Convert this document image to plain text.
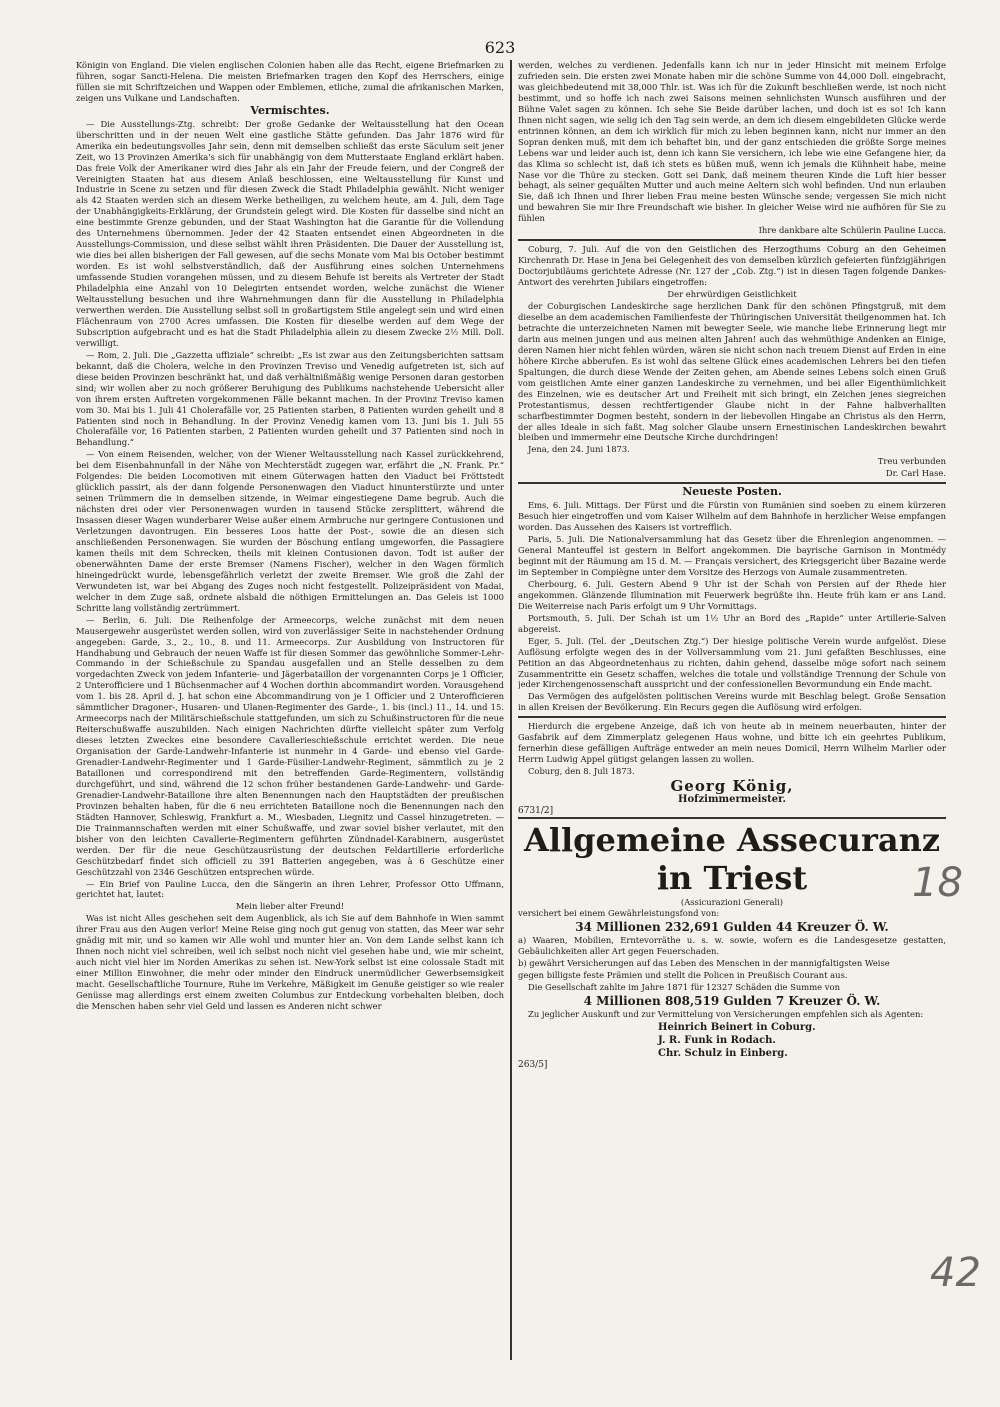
623

Königin von England. Die vielen englischen Colonien haben alle das Recht, eigene Briefmarken zu führen, sogar Sancti-Helena. Die meisten Briefmarken tragen den Kopf des Herrschers, einige füllen sie mit Schriftzeichen und Wappen oder Emblemen, etliche, zumal die afrikanischen Marken, zeigen uns Vulkane und Landschaften.

Vermischtes.

— Die Ausstellungs-Ztg. schreibt: Der große Gedanke der Weltausstellung hat den Ocean überschritten und in der neuen Welt eine gastliche Stätte gefunden. Das Jahr 1876 wird für Amerika ein bedeutungsvolles Jahr sein, denn mit demselben schließt das erste Säculum seit jener Zeit, wo 13 Provinzen Amerika's sich für unabhängig von dem Mutterstaate England erklärt haben. Das freie Volk der Amerikaner wird dies Jahr als ein Jahr der Freude feiern, und der Congreß der Vereinigten Staaten hat aus diesem Anlaß beschlossen, eine Weltausstellung für Kunst und Industrie in Scene zu setzen und für diesen Zweck die Stadt Philadelphia gewählt. Nicht weniger als 42 Staaten werden sich an diesem Werke betheiligen, zu welchem heute, am 4. Juli, dem Tage der Unabhängigkeits-Erklärung, der Grundstein gelegt wird. Die Kosten für dasselbe sind nicht an eine bestimmte Grenze gebunden, und der Staat Washington hat die Garantie für die Vollendung des Unternehmens übernommen. Jeder der 42 Staaten entsendet einen Abgeordneten in die Ausstellungs-Commission, und diese selbst wählt ihren Präsidenten. Die Dauer der Ausstellung ist, wie dies bei allen bisherigen der Fall gewesen, auf die sechs Monate vom Mai bis October bestimmt worden. Es ist wohl selbstverständlich, daß der Ausführung eines solchen Unternehmens umfassende Studien vorangehen müssen, und zu diesem Behufe ist bereits als Vertreter der Stadt Philadelphia eine Anzahl von 10 Delegirten entsendet worden, welche zunächst die Wiener Weltausstellung besuchen und ihre Wahrnehmungen dann für die Ausstellung in Philadelphia verwerthen werden. Die Ausstellung selbst soll in großartigstem Stile angelegt sein und wird einen Flächenraum von 2700 Acres umfassen. Die Kosten für dieselbe werden auf dem Wege der Subscription aufgebracht und es hat die Stadt Philadelphia allein zu diesem Zwecke 2½ Mill. Doll. verwilligt.

— Rom, 2. Juli. Die „Gazzetta uffiziale“ schreibt: „Es ist zwar aus den Zeitungsberichten sattsam bekannt, daß die Cholera, welche in den Provinzen Treviso und Venedig aufgetreten ist, sich auf diese beiden Provinzen beschränkt hat, und daß verhältnißmäßig wenige Personen daran gestorben sind; wir wollen aber zu noch größerer Beruhigung des Publikums nachstehende Uebersicht aller von ihrem ersten Auftreten vorgekommenen Fälle bekannt machen. In der Provinz Treviso kamen vom 30. Mai bis 1. Juli 41 Cholerafälle vor, 25 Patienten starben, 8 Patienten wurden geheilt und 8 Patienten sind noch in Behandlung. In der Provinz Venedig kamen vom 13. Juni bis 1. Juli 55 Cholerafälle vor, 16 Patienten starben, 2 Patienten wurden geheilt und 37 Patienten sind noch in Behandlung.“

— Von einem Reisenden, welcher, von der Wiener Weltausstellung nach Kassel zurückkehrend, bei dem Eisenbahnunfall in der Nähe von Mechterstädt zugegen war, erfährt die „N. Frank. Pr.“ Folgendes: Die beiden Locomotiven mit einem Güterwagen hatten den Viaduct bei Fröttstedt glücklich passirt, als der dann folgende Personenwagen den Viaduct hinunterstürzte und unter seinen Trümmern die in demselben sitzende, in Weimar eingestiegene Dame begrub. Auch die nächsten drei oder vier Personenwagen wurden in tausend Stücke zersplittert, während die Insassen dieser Wagen wunderbarer Weise außer einem Armbruche nur geringere Contusionen und Verletzungen davontrugen. Ein besseres Loos hatte der Post-, sowie die an diesen sich anschließenden Personenwagen. Sie wurden der Böschung entlang umgeworfen, die Passagiere kamen theils mit dem Schrecken, theils mit kleinen Contusionen davon. Todt ist außer der obenerwähnten Dame der erste Bremser (Namens Fischer), welcher in den Wagen förmlich hineingedrückt wurde, lebensgefährlich verletzt der zweite Bremser. Wie groß die Zahl der Verwundeten ist, war bei Abgang des Zuges noch nicht festgestellt. Polizeipräsident von Madai, welcher in dem Zuge saß, ordnete alsbald die nöthigen Ermittelungen an. Das Geleis ist 1000 Schritte lang vollständig zertrümmert.

— Berlin, 6. Juli. Die Reihenfolge der Armeecorps, welche zunächst mit dem neuen Mausergewehr ausgerüstet werden sollen, wird von zuverlässiger Seite in nachstehender Ordnung angegeben: Garde, 3., 2., 10., 8. und 11. Armeecorps. Zur Ausbildung von Instructoren für Handhabung und Gebrauch der neuen Waffe ist für diesen Sommer das gewöhnliche Sommer-Lehr-Commando in der Schießschule zu Spandau ausgefallen und an Stelle desselben zu dem vorgedachten Zweck von jedem Infanterie- und Jägerbataillon der vorgenannten Corps je 1 Officier, 2 Unterofficiere und 1 Büchsenmacher auf 4 Wochen dorthin abcommandirt worden. Vorausgehend vom 1. bis 28. April d. J. hat schon eine Abcommandirung von je 1 Officier und 2 Unterofficieren sämmtlicher Dragoner-, Husaren- und Ulanen-Regimenter des Garde-, 1. bis (incl.) 11., 14. und 15. Armeecorps nach der Militärschießschule stattgefunden, um sich zu Schußinstructoren für die neue Reiterschußwaffe auszubilden. Nach einigen Nachrichten dürfte vielleicht später zum Verfolg dieses letzten Zweckes eine besondere Cavallerieschießschule errichtet werden. Die neue Organisation der Garde-Landwehr-Infanterie ist nunmehr in 4 Garde- und ebenso viel Garde-Grenadier-Landwehr-Regimenter und 1 Garde-Füsilier-Landwehr-Regiment, sämmtlich zu je 2 Bataillonen und correspondirend mit den betreffenden Garde-Regimentern, vollständig durchgeführt, und sind, während die 12 schon früher bestandenen Garde-Landwehr- und Garde-Grenadier-Landwehr-Bataillone ihre alten Benennungen nach den Hauptstädten der preußischen Provinzen behalten haben, für die 6 neu errichteten Bataillone noch die Benennungen nach den Städten Hannover, Schleswig, Frankfurt a. M., Wiesbaden, Liegnitz und Cassel hinzugetreten. — Die Trainmannschaften werden mit einer Schußwaffe, und zwar soviel bisher verlautet, mit den bisher von den leichten Cavallerie-Regimentern geführten Zündnadel-Karabinern, ausgerüstet werden. Der für die neue Geschützausrüstung der deutschen Feldartillerie erforderliche Geschützbedarf findet sich officiell zu 391 Batterien angegeben, was à 6 Geschütze einer Geschützzahl von 2346 Geschützen entsprechen würde.

— Ein Brief von Pauline Lucca, den die Sängerin an ihren Lehrer, Professor Otto Uffmann, gerichtet hat, lautet:

Mein lieber alter Freund!

Was ist nicht Alles geschehen seit dem Augenblick, als ich Sie auf dem Bahnhofe in Wien sammt ihrer Frau aus den Augen verlor! Meine Reise ging noch gut genug von statten, das Meer war sehr gnädig mit mir, und so kamen wir Alle wohl und munter hier an. Von dem Lande selbst kann ich Ihnen noch nicht viel schreiben, weil ich selbst noch nicht viel gesehen habe und, wie mir scheint, auch nicht viel hier im Norden Amerikas zu sehen ist. New-York selbst ist eine colossale Stadt mit einer Million Einwohner, die mehr oder minder den Eindruck unermüdlicher Gewerbsemsigkeit macht. Gesellschaftliche Tournure, Ruhe im Verkehre, Mäßigkeit im Genuße geistiger so wie realer Genüsse mag allerdings erst einem zweiten Columbus zur Entdeckung vorbehalten bleiben, doch die Menschen haben sehr viel Geld und lassen es Anderen nicht schwer

werden, welches zu verdienen. Jedenfalls kann ich nur in jeder Hinsicht mit meinem Erfolge zufrieden sein. Die ersten zwei Monate haben mir die schöne Summe von 44,000 Doll. eingebracht, was gleichbedeutend mit 38,000 Thlr. ist. Was ich für die Zukunft beschließen werde, ist noch nicht bestimmt, und so hoffe ich nach zwei Saisons meinen sehnlichsten Wunsch ausführen und der Bühne Valet sagen zu können. Ich sehe Sie Beide darüber lachen, und doch ist es so! Ich kann Ihnen nicht sagen, wie selig ich den Tag sein werde, an dem ich diesem eingebildeten Glücke werde entrinnen können, an dem ich wirklich für mich zu leben beginnen kann, nicht nur immer an den Sopran denken muß, mit dem ich behaftet bin, und der ganz entschieden die größte Sorge meines Lebens war und leider auch ist, denn ich kann Sie versichern, ich lebe wie eine Gefangene hier, da das Klima so schlecht ist, daß ich stets es büßen muß, wenn ich jemals die Kühnheit habe, meine Nase vor die Thüre zu stecken. Gott sei Dank, daß meinem theuren Kinde die Luft hier besser behagt, als seiner gequälten Mutter und auch meine Aeltern sich wohl befinden. Und nun erlauben Sie, daß ich Ihnen und Ihrer lieben Frau meine besten Wünsche sende; vergessen Sie mich nicht und bewahren Sie mir Ihre Freundschaft wie bisher. In gleicher Weise wird nie aufhören für Sie zu fühlen

Ihre dankbare alte Schülerin Pauline Lucca.

Coburg, 7. Juli. Auf die von den Geistlichen des Herzogthums Coburg an den Geheimen Kirchenrath Dr. Hase in Jena bei Gelegenheit des von demselben kürzlich gefeierten fünfzigjährigen Doctorjubiläums gerichtete Adresse (Nr. 127 der „Cob. Ztg.“) ist in diesen Tagen folgende Dankes-Antwort des verehrten Jubilars eingetroffen:

Der ehrwürdigen Geistlichkeit

der Coburgischen Landeskirche sage herzlichen Dank für den schönen Pfingstgruß, mit dem dieselbe an dem academischen Familienfeste der Thüringischen Universität theilgenommen hat. Ich betrachte die unterzeichneten Namen mit bewegter Seele, wie manche liebe Erinnerung liegt mir darin aus meinen jungen und aus meinen alten Jahren! auch das wehmüthige Andenken an Einige, deren Namen hier nicht fehlen würden, wären sie nicht schon nach treuem Dienst auf Erden in eine höhere Kirche abberufen. Es ist wohl das seltene Glück eines academischen Lehrers bei den tiefen Spaltungen, die durch diese Wende der Zeiten gehen, am Abende seines Lebens solch einen Gruß vom geistlichen Amte einer ganzen Landeskirche zu vernehmen, und bei aller Eigenthümlichkeit des Einzelnen, wie es deutscher Art und Freiheit mit sich bringt, ein Zeichen jenes siegreichen Protestantismus, dessen rechtfertigender Glaube nicht in der Fahne halbverhallten scharfbestimmter Dogmen besteht, sondern in der liebevollen Hingabe an Christus als den Herrn, der alles Ideale in sich faßt. Mag solcher Glaube unsern Ernestinischen Landeskirchen bewahrt bleiben und immermehr eine Deutsche Kirche durchdringen!

Jena, den 24. Juni 1873.

Treu verbunden

Dr. Carl Hase.

Neueste Posten.

Ems, 6. Juli. Mittags. Der Fürst und die Fürstin von Rumänien sind soeben zu einem kürzeren Besuch hier eingetroffen und vom Kaiser Wilhelm auf dem Bahnhofe in herzlicher Weise empfangen worden. Das Aussehen des Kaisers ist vortrefflich.

Paris, 5. Juli. Die Nationalversammlung hat das Gesetz über die Ehrenlegion angenommen. — General Manteuffel ist gestern in Belfort angekommen. Die bayrische Garnison in Montmédy beginnt mit der Räumung am 15 d. M. — Français versichert, des Kriegsgericht über Bazaine werde im September in Compiègne unter dem Vorsitze des Herzogs von Aumale zusammentreten.

Cherbourg, 6. Juli. Gestern Abend 9 Uhr ist der Schah von Persien auf der Rhede hier angekommen. Glänzende Illumination mit Feuerwerk begrüßte ihn. Heute früh kam er ans Land. Die Weiterreise nach Paris erfolgt um 9 Uhr Vormittags.

Portsmouth, 5. Juli. Der Schah ist um 1½ Uhr an Bord des „Rapide“ unter Artillerie-Salven abgereist.

Eger, 5. Juli. (Tel. der „Deutschen Ztg.“) Der hiesige politische Verein wurde aufgelöst. Diese Auflösung erfolgte wegen des in der Vollversammlung vom 21. Juni gefaßten Beschlusses, eine Petition an das Abgeordnetenhaus zu richten, dahin gehend, dasselbe möge sofort nach seinem Zusammentritte ein Gesetz schaffen, welches die totale und vollständige Trennung der Schule von jeder Kirchengenossenschaft ausspricht und der confessionellen Bevormundung ein Ende macht.

Das Vermögen des aufgelösten politischen Vereins wurde mit Beschlag belegt. Große Sensation in allen Kreisen der Bevölkerung. Ein Recurs gegen die Auflösung wird erfolgen.

Hierdurch die ergebene Anzeige, daß ich von heute ab in meinem neuerbauten, hinter der Gasfabrik auf dem Zimmerplatz gelegenen Haus wohne, und bitte ich ein geehrtes Publikum, fernerhin diese gefälligen Aufträge entweder an mein neues Domicil, Herrn Wilhelm Marlier oder Herrn Ludwig Appel gütigst gelangen lassen zu wollen.

Coburg, den 8. Juli 1873.

Georg König,
Hofzimmermeister.
6731/2]
Allgemeine Assecuranz in Triest
(Assicurazioni Generali)

versichert bei einem Gewährleistungsfond von:

34 Millionen 232,691 Gulden 44 Kreuzer Ö. W.

a) Waaren, Mobilien, Erntevorräthe u. s. w. sowie, wofern es die Landesgesetze gestatten, Gebäulichkeiten aller Art gegen Feuerschaden.

b) gewährt Versicherungen auf das Leben des Menschen in der mannigfaltigsten Weise

gegen billigste feste Prämien und stellt die Policen in Preußisch Courant aus.

Die Gesellschaft zahlte im Jahre 1871 für 12327 Schäden die Summe von

4 Millionen 808,519 Gulden 7 Kreuzer Ö. W.

Zu jeglicher Auskunft und zur Vermittelung von Versicherungen empfehlen sich als Agenten:

Heinrich Beinert in Coburg.
J. R. Funk in Rodach.
Chr. Schulz in Einberg.
263/5]
18
42
